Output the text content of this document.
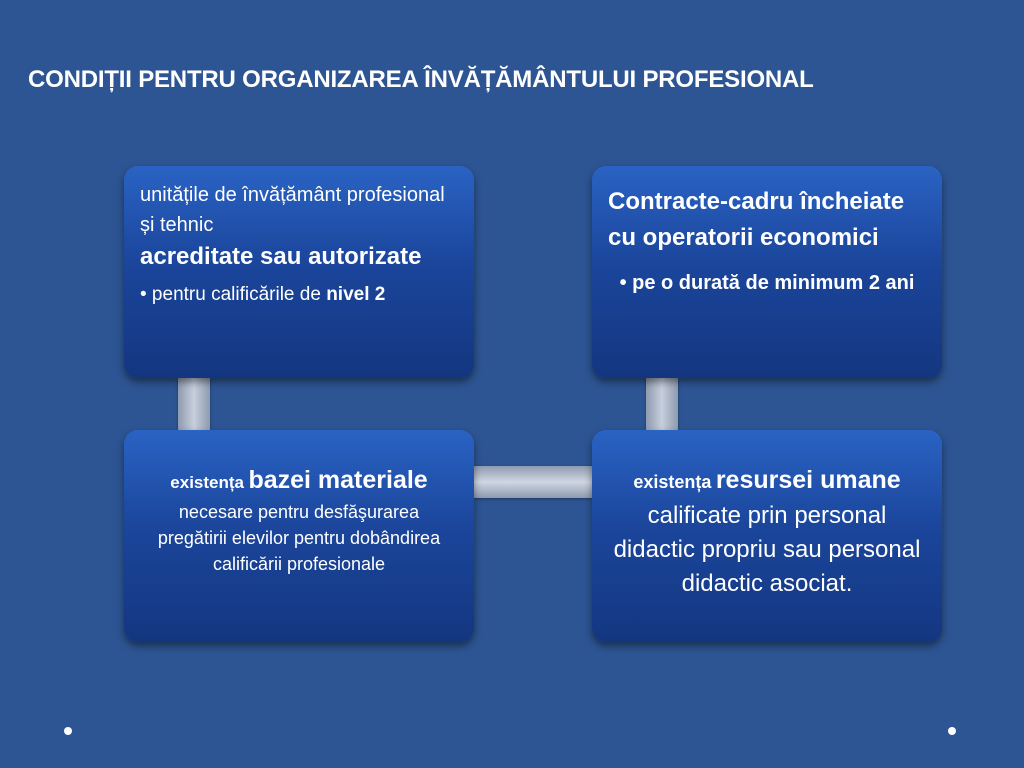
CONDIȚII PENTRU ORGANIZAREA ÎNVĂȚĂMÂNTULUI PROFESIONAL
unitățile de învățământ profesional și tehnic
acreditate sau autorizate
• pentru calificările de nivel 2
Contracte-cadru încheiate cu operatorii economici
• pe o durată de minimum 2 ani
existența bazei materiale
necesare pentru desfăşurarea pregătirii elevilor pentru dobândirea calificării profesionale
existența resursei umane
calificate prin personal didactic propriu sau personal didactic asociat.
